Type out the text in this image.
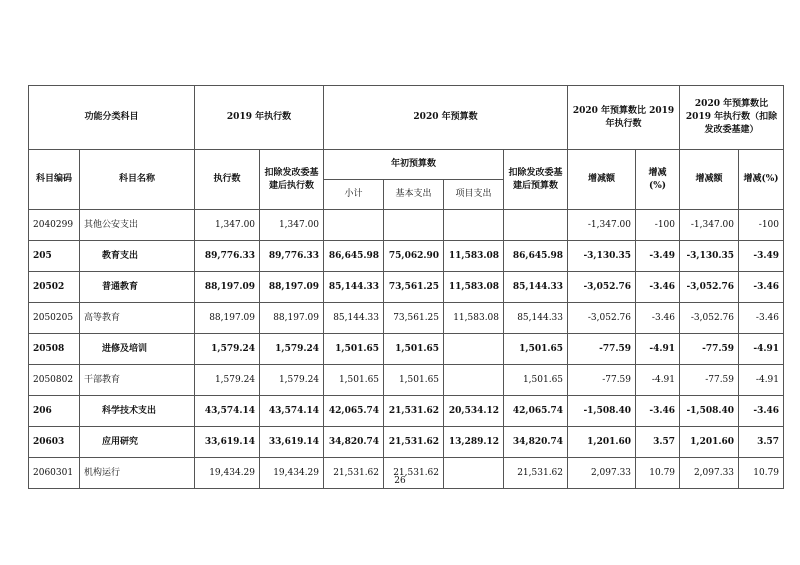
功能分类科目		2019 年执行数		2020 年预算数				2020 年预算数比 2019 年执行数		2020 年预算数比 2019 年执行数（扣除发改委基建）	
科目编码	科目名称	执行数	扣除发改委基建后执行数	年初预算数			扣除发改委基建后预算数	增减额	增减(%)	增减额	增减(%)
				小计	基本支出	项目支出					
2040299	其他公安支出	1,347.00	1,347.00					-1,347.00	-100	-1,347.00	-100
205	教育支出	89,776.33	89,776.33	86,645.98	75,062.90	11,583.08	86,645.98	-3,130.35	-3.49	-3,130.35	-3.49
20502	普通教育	88,197.09	88,197.09	85,144.33	73,561.25	11,583.08	85,144.33	-3,052.76	-3.46	-3,052.76	-3.46
2050205	高等教育	88,197.09	88,197.09	85,144.33	73,561.25	11,583.08	85,144.33	-3,052.76	-3.46	-3,052.76	-3.46
20508	进修及培训	1,579.24	1,579.24	1,501.65	1,501.65		1,501.65	-77.59	-4.91	-77.59	-4.91
2050802	干部教育	1,579.24	1,579.24	1,501.65	1,501.65		1,501.65	-77.59	-4.91	-77.59	-4.91
206	科学技术支出	43,574.14	43,574.14	42,065.74	21,531.62	20,534.12	42,065.74	-1,508.40	-3.46	-1,508.40	-3.46
20603	应用研究	33,619.14	33,619.14	34,820.74	21,531.62	13,289.12	34,820.74	1,201.60	3.57	1,201.60	3.57
2060301	机构运行	19,434.29	19,434.29	21,531.62	21,531.62		21,531.62	2,097.33	10.79	2,097.33	10.79
26
